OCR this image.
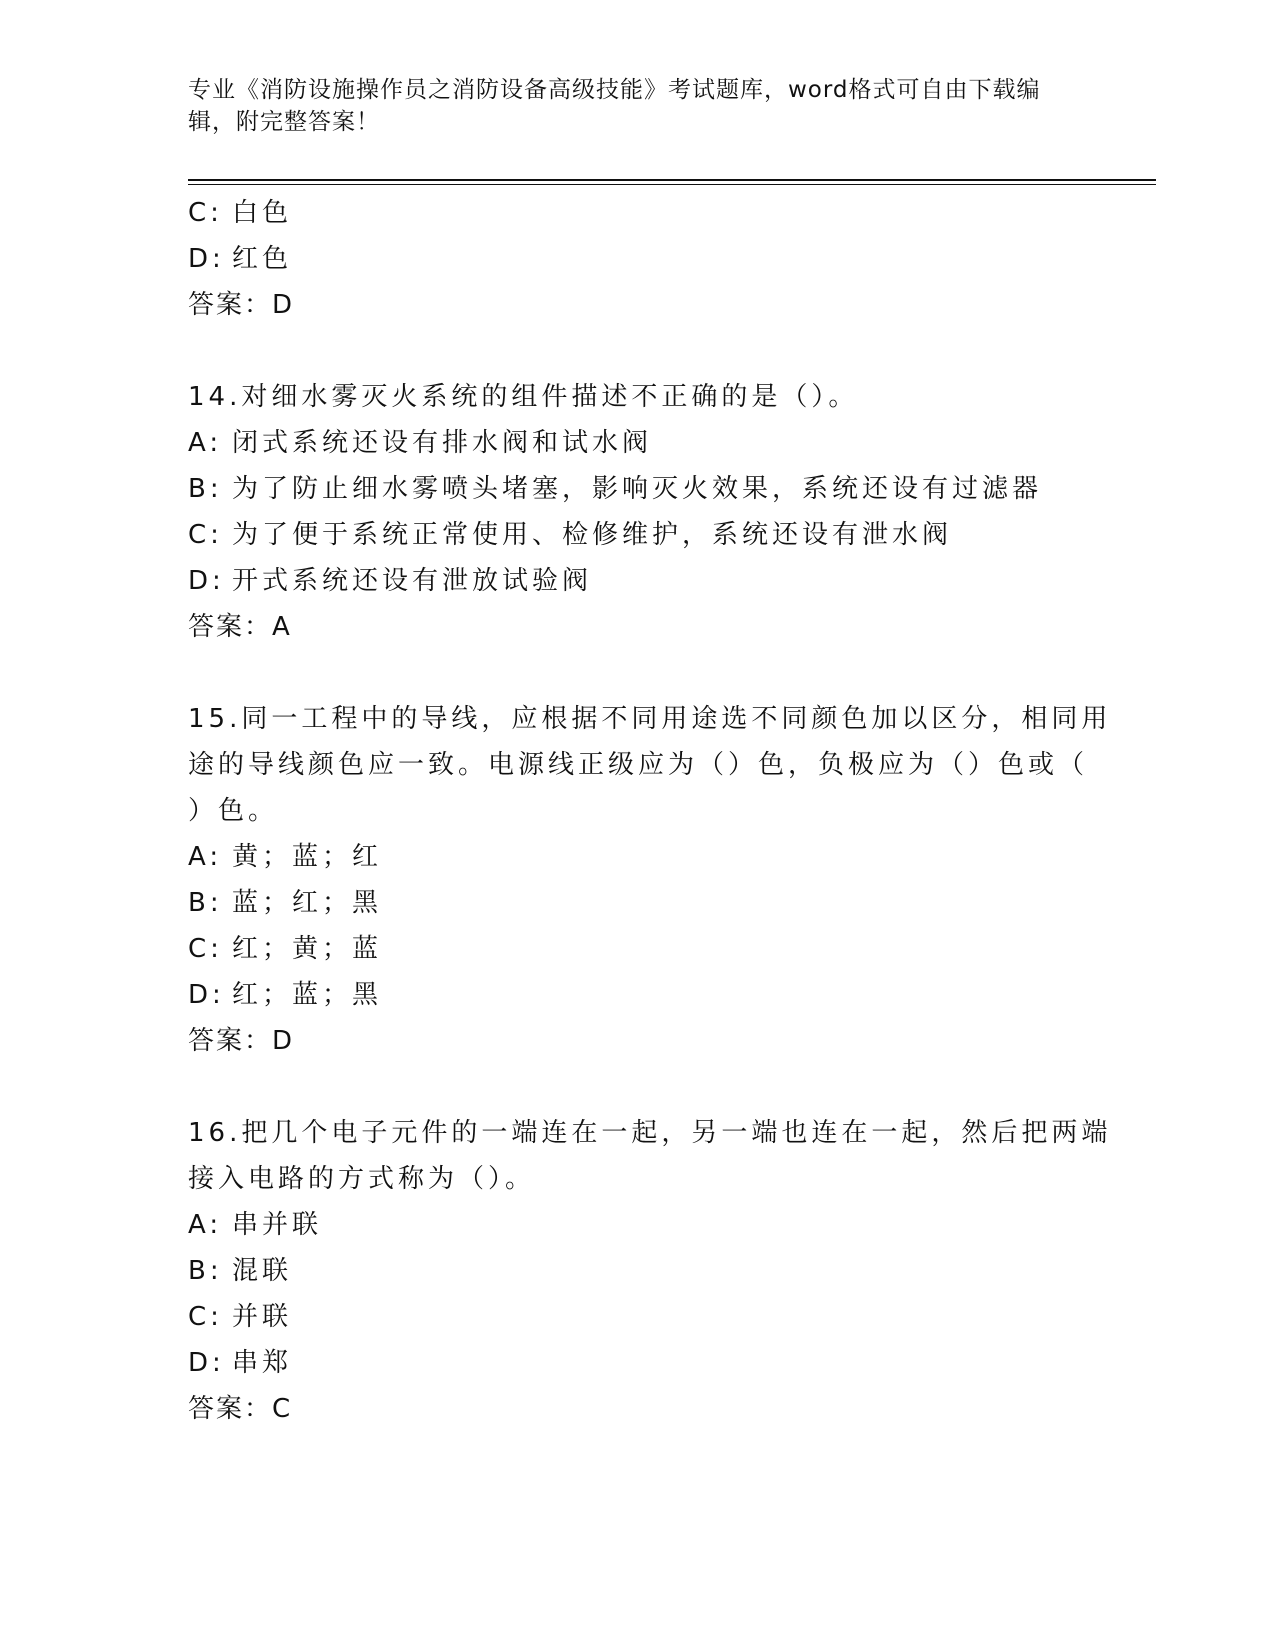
专业《消防设施操作员之消防设备高级技能》考试题库，word格式可自由下载编
辑，附完整答案！
C: 白色
D: 红色
答案：D
14.对细水雾灭火系统的组件描述不正确的是（）。
A: 闭式系统还设有排水阀和试水阀
B: 为了防止细水雾喷头堵塞，影响灭火效果，系统还设有过滤器
C: 为了便于系统正常使用、检修维护，系统还设有泄水阀
D: 开式系统还设有泄放试验阀
答案：A
15.同一工程中的导线，应根据不同用途选不同颜色加以区分，相同用
途的导线颜色应一致。电源线正级应为（）色，负极应为（）色或（
）色。
A: 黄；蓝；红
B: 蓝；红；黑
C: 红；黄；蓝
D: 红；蓝；黑
答案：D
16.把几个电子元件的一端连在一起，另一端也连在一起，然后把两端
接入电路的方式称为（）。
A: 串并联
B: 混联
C: 并联
D: 串郑
答案：C
